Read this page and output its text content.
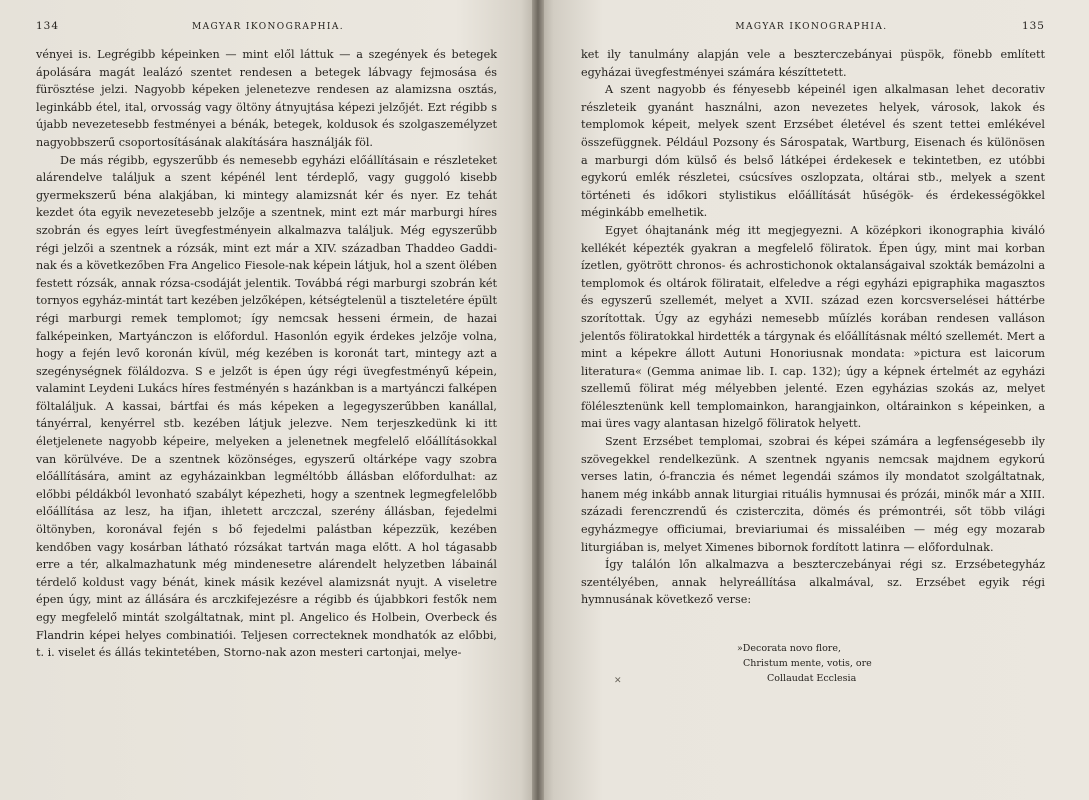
134	MAGYAR IKONOGRAPHIA.

vényei is. Legrégibb képeinken — mint elől láttuk — a szegények és betegek ápolására magát lealázó szentet rendesen a betegek lábvagy fejmosása és fürösztése jelzi. Nagyobb képeken jelenetezve rendesen az alamizsna osztás, leginkább étel, ital, orvosság vagy öltöny átnyujtása képezi jelzőjét. Ezt régibb s újabb nevezetesebb festményei a bénák, betegek, koldusok és szolgaszemélyzet nagyobbszerű csoportosításának alakítására használják föl.

De más régibb, egyszerűbb és nemesebb egyházi előállításain e részleteket alárendelve találjuk a szent képénél lent térdeplő, vagy guggoló kisebb gyermekszerű béna alakjában, ki mintegy alamizsnát kér és nyer. Ez tehát kezdet óta egyik nevezetesebb jelzője a szentnek, mint ezt már marburgi híres szobrán és egyes leírt üvegfestményein alkalmazva találjuk. Még egyszerűbb régi jelzői a szentnek a rózsák, mint ezt már a XIV. században Thaddeo Gaddi-nak és a következőben Fra Angelico Fiesole-nak képein látjuk, hol a szent ölében festett rózsák, annak rózsa-csodáját jelentik. Továbbá régi marburgi szobrán két tornyos egyház-mintát tart kezében jelzőképen, kétségtelenül a tiszteletére épült régi marburgi remek templomot; így nemcsak hesseni érmein, de hazai falképeinken, Martyánczon is előfordul. Hasonlón egyik érdekes jelzője volna, hogy a fején levő koronán kívül, még kezében is koronát tart, mintegy azt a szegénységnek föláldozva. S e jelzőt is épen úgy régi üvegfestményű képein, valamint Leydeni Lukács híres festményén s hazánkban is a martyánczi falképen föltaláljuk. A kassai, bártfai és más képeken a legegyszerűbben kanállal, tányérral, kenyérrel stb. kezében látjuk jelezve. Nem terjeszkedünk ki itt életjelenete nagyobb képeire, melyeken a jelenetnek megfelelő előállításokkal van körülvéve. De a szentnek közönséges, egyszerű oltárképe vagy szobra előállítására, amint az egyházainkban legméltóbb állásban előfordulhat: az előbbi példákból levonható szabályt képezheti, hogy a szentnek legmegfelelőbb előállítása az lesz, ha ifjan, ihletett arczczal, szerény állásban, fejedelmi öltönyben, koronával fején s bő fejedelmi palástban képezzük, kezében kendőben vagy kosárban látható rózsákat tartván maga előtt. A hol tágasabb erre a tér, alkalmazhatunk még mindenesetre alárendelt helyzetben lábainál térdelő koldust vagy bénát, kinek másik kezével alamizsnát nyujt. A viseletre épen úgy, mint az állására és arczkifejezésre a régibb és újabbkori festők nem egy megfelelő mintát szolgáltatnak, mint pl. Angelico és Holbein, Overbeck és Flandrin képei helyes combinatiói. Teljesen correcteknek mondhatók az előbbi, t. i. viselet és állás tekintetében, Storno-nak azon mesteri cartonjai, melye-

MAGYAR IKONOGRAPHIA.	135

ket ily tanulmány alapján vele a beszterczebányai püspök, fönebb említett egyházai üvegfestményei számára készíttetett.

A szent nagyobb és fényesebb képeinél igen alkalmasan lehet decorativ részleteik gyanánt használni, azon nevezetes helyek, városok, lakok és templomok képeit, melyek szent Erzsébet életével és szent tettei emlékével összefüggnek. Például Pozsony és Sárospatak, Wartburg, Eisenach és különösen a marburgi dóm külső és belső látképei érdekesek e tekintetben, ez utóbbi egykorú emlék részletei, csúcsíves oszlopzata, oltárai stb., melyek a szent történeti és időkori stylistikus előállítását hűségök- és érdekességökkel méginkább emelhetik.

Egyet óhajtanánk még itt megjegyezni. A középkori ikonographia kiváló kellékét képezték gyakran a megfelelő föliratok. Épen úgy, mint mai korban ízetlen, gyötrött chronos- és achrostichonok oktalanságaival szokták bemázolni a templomok és oltárok föliratait, elfeledve a régi egyházi epigraphika magasztos és egyszerű szellemét, melyet a XVII. század ezen korcsverselései háttérbe szorítottak. Úgy az egyházi nemesebb műízlés korában rendesen valláson jelentős föliratokkal hirdették a tárgynak és előállításnak méltó szellemét. Mert a mint a képekre állott Autuni Honoriusnak mondata: »pictura est laicorum literatura« (Gemma animae lib. I. cap. 132); úgy a képnek értelmét az egyházi szellemű fölirat még mélyebben jelenté. Ezen egyházias szokás az, melyet fölélesztenünk kell templomainkon, harangjainkon, oltárainkon s képeinken, a mai üres vagy alantasan hizelgő föliratok helyett.

Szent Erzsébet templomai, szobrai és képei számára a legfenségesebb ily szövegekkel rendelkezünk. A szentnek ngyanis nemcsak majdnem egykorú verses latin, ó-franczia és német legendái számos ily mondatot szolgáltatnak, hanem még inkább annak liturgiai rituális hymnusai és prózái, minők már a XIII. századi ferenczrendű és czisterczita, dömés és prémontréi, sőt több világi egyházmegye officiumai, breviariumai és missaléiben — még egy mozarab liturgiában is, melyet Ximenes bibornok fordított latinra — előfordulnak.

Így találón lőn alkalmazva a beszterczebányai régi sz. Erzsébetegyház szentélyében, annak helyreállítása alkalmával, sz. Erzsébet egyik régi hymnusának következő verse:

»Decorata novo flore,
Christum mente, votis, ore
Collaudat Ecclesia
✕
